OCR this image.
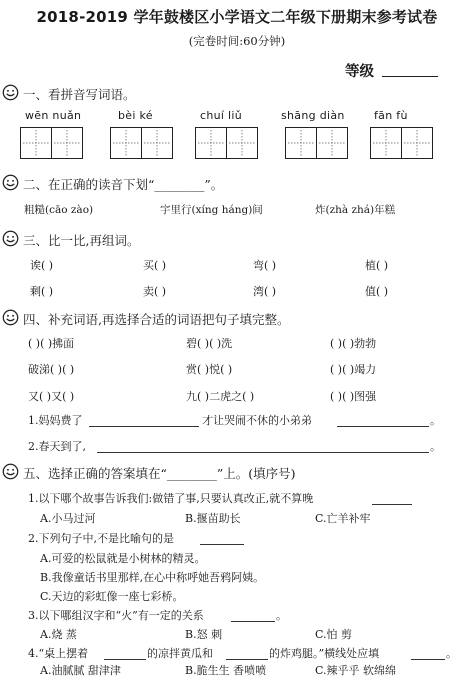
2018-2019 学年鼓楼区小学语文二年级下册期末参考试卷
(完卷时间:60分钟)
等级
一、看拼音写词语。
wēn nuǎn	bèi ké	chuí liǔ	shāng diàn	fān fù
二、在正确的读音下划“________”。
粗糙(cāo zào)	宇里行(xíng háng)间	炸(zhà zhá)年糕
三、比一比,再组词。
诶( )	买( )	弯( )	植( )
剩( )	卖( )	湾( )	值( )
四、补充词语,再选择合适的词语把句子填完整。
( )( )拂面	碧( )( )洗	( )( )勃勃
破涕( )( )	赏( )悦( )	( )( )竭力
又( )又( )	九( )二虎之( )	( )( )图强
1.妈妈费了	才让哭闹不休的小弟弟	。
2.春天到了,	。
五、选择正确的答案填在“________”上。(填序号)
1.以下哪个故事告诉我们:做错了事,只要认真改正,就不算晚
A.小马过河	B.揠苗助长	C.亡羊补牢
2.下列句子中,不是比喻句的是
A.可爱的松鼠就是小树林的精灵。
B.我像童话书里那样,在心中称呼她吾鸦阿姨。
C.天边的彩虹像一座七彩桥。
3.以下哪组汉字和“火”有一定的关系	。
A.烧 蒸	B.怒 刺	C.怕 剪
4.“桌上摆着	的凉拌黄瓜和	的炸鸡腿。”横线处应填	。
A.油腻腻 甜津津	B.脆生生 香喷喷	C.辣乎乎 软绵绵
